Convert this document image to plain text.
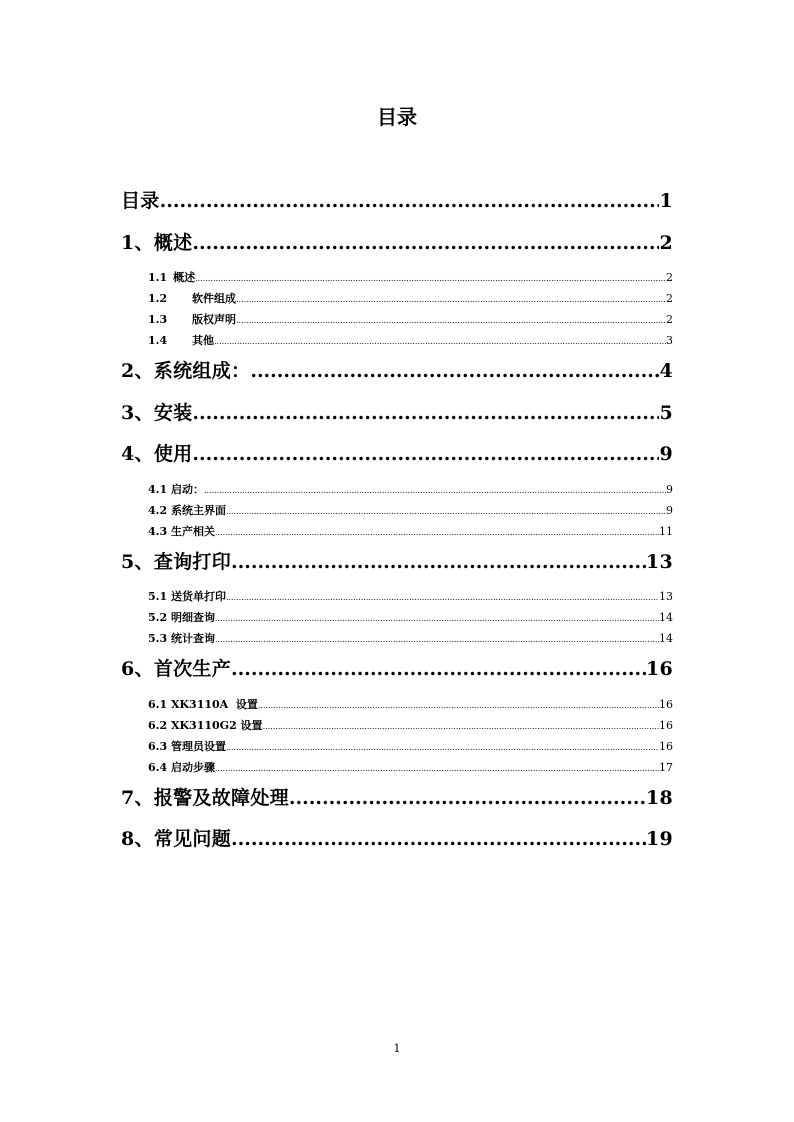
目录
目录 .....	1
1、概述 .....	2
1.1 概述 .....	2
1.2 软件组成 .....	2
1.3 版权声明 .....	2
1.4 其他 .....	3
2、系统组成： .....	4
3、安装 .....	5
4、使用 .....	9
4.1 启动： .....	9
4.2 系统主界面 .....	9
4.3 生产相关 .....	11
5、查询打印 .....	13
5.1 送货单打印 .....	13
5.2 明细查询 .....	14
5.3 统计查询 .....	14
6、首次生产 .....	16
6.1 XK3110A  设置 .....	16
6.2 XK3110G2 设置 .....	16
6.3 管理员设置 .....	16
6.4 启动步骤 .....	17
7、报警及故障处理 .....	18
8、常见问题 .....	19
1
